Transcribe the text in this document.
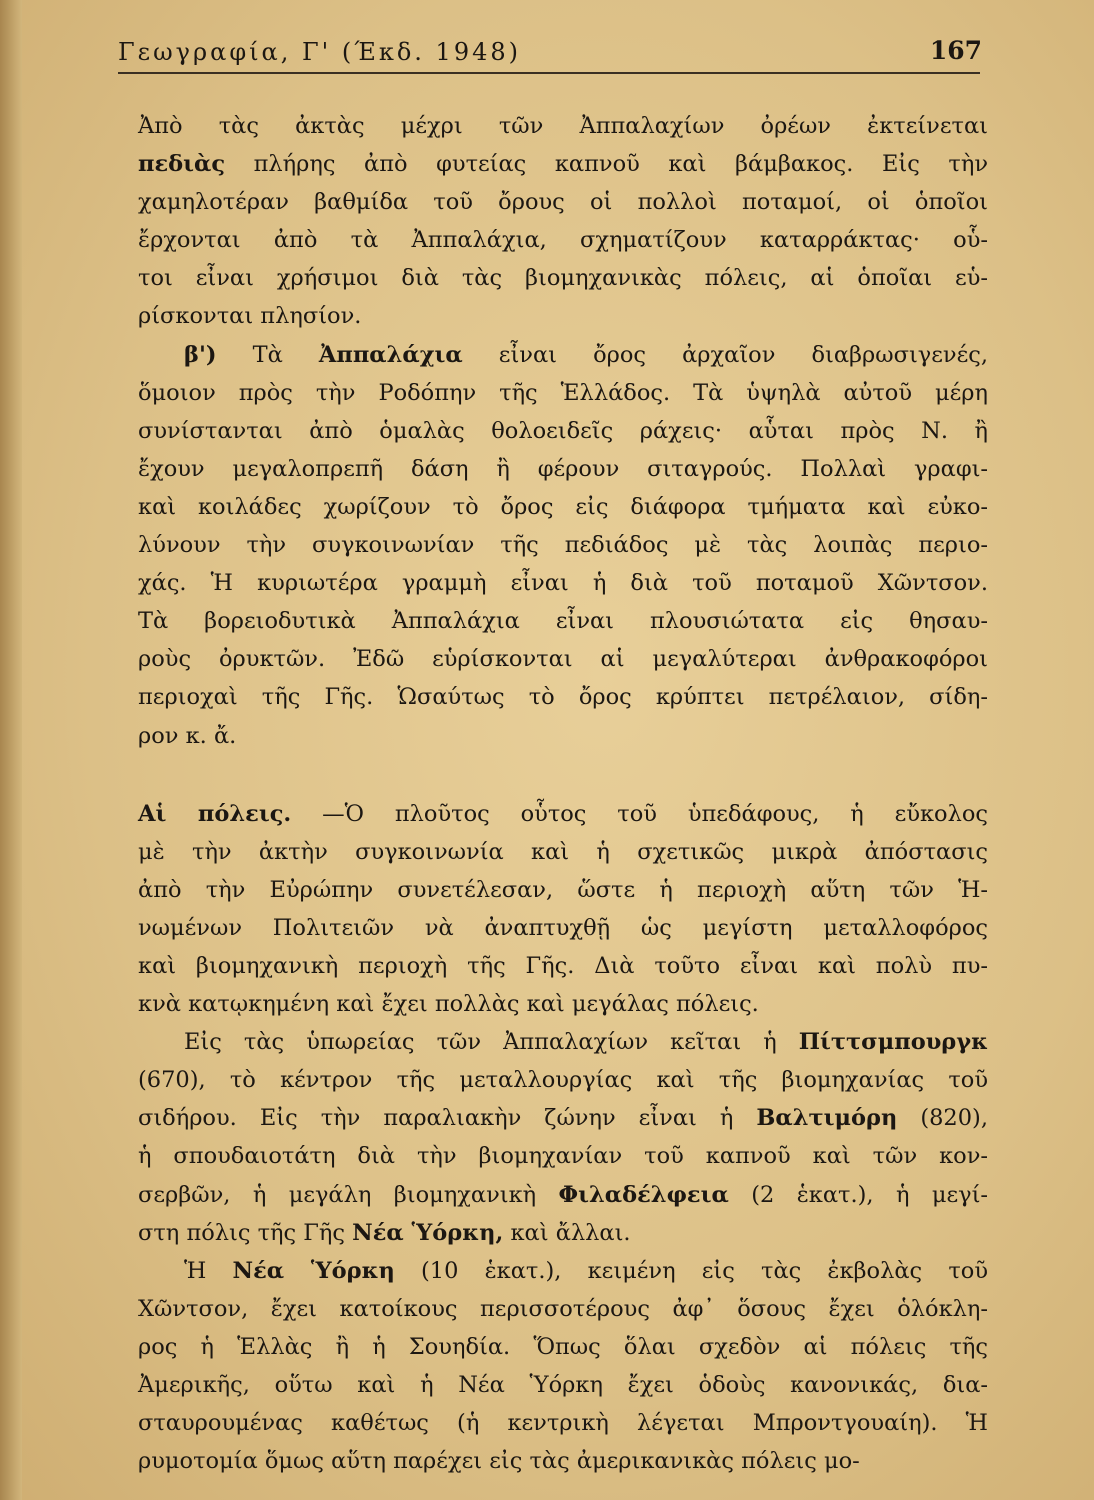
Γεωγραφία, Γ' (Έκδ. 1948)	167
Ἀπὸ τὰς ἀκτὰς μέχρι τῶν Ἀππαλαχίων ὀρέων ἐκτείνεται
πεδιὰς πλήρης ἀπὸ φυτείας καπνοῦ καὶ βάμβακος. Εἰς τὴν
χαμηλοτέραν βαθμίδα τοῦ ὄρους οἱ πολλοὶ ποταμοί, οἱ ὁποῖοι
ἔρχονται ἀπὸ τὰ Ἀππαλάχια, σχηματίζουν καταρράκτας· οὗ-
τοι εἶναι χρήσιμοι διὰ τὰς βιομηχανικὰς πόλεις, αἱ ὁποῖαι εὑ-
ρίσκονται πλησίον.
β') Τὰ Ἀππαλάχια εἶναι ὄρος ἀρχαῖον διαβρωσιγενές,
ὅμοιον πρὸς τὴν Ροδόπην τῆς Ἑλλάδος. Τὰ ὑψηλὰ αὐτοῦ μέρη
συνίστανται ἀπὸ ὁμαλὰς θολοειδεῖς ράχεις· αὗται πρὸς Ν. ἢ
ἔχουν μεγαλοπρεπῆ δάση ἢ φέρουν σιταγρούς. Πολλαὶ γραφι-
καὶ κοιλάδες χωρίζουν τὸ ὄρος εἰς διάφορα τμήματα καὶ εὐκο-
λύνουν τὴν συγκοινωνίαν τῆς πεδιάδος μὲ τὰς λοιπὰς περιο-
χάς. Ἡ κυριωτέρα γραμμὴ εἶναι ἡ διὰ τοῦ ποταμοῦ Χῶντσον.
Τὰ βορειοδυτικὰ Ἀππαλάχια εἶναι πλουσιώτατα εἰς θησαυ-
ροὺς ὀρυκτῶν. Ἐδῶ εὑρίσκονται αἱ μεγαλύτεραι ἀνθρακοφόροι
περιοχαὶ τῆς Γῆς. Ὡσαύτως τὸ ὄρος κρύπτει πετρέλαιον, σίδη-
ρον κ. ἄ.
Αἱ πόλεις. —Ὁ πλοῦτος οὗτος τοῦ ὑπεδάφους, ἡ εὔκολος
μὲ τὴν ἀκτὴν συγκοινωνία καὶ ἡ σχετικῶς μικρὰ ἀπόστασις
ἀπὸ τὴν Εὐρώπην συνετέλεσαν, ὥστε ἡ περιοχὴ αὕτη τῶν Ἡ-
νωμένων Πολιτειῶν νὰ ἀναπτυχθῇ ὡς μεγίστη μεταλλοφόρος
καὶ βιομηχανικὴ περιοχὴ τῆς Γῆς. Διὰ τοῦτο εἶναι καὶ πολὺ πυ-
κνὰ κατῳκημένη καὶ ἔχει πολλὰς καὶ μεγάλας πόλεις.
Εἰς τὰς ὑπωρείας τῶν Ἀππαλαχίων κεῖται ἡ Πίττσμπουργκ
(670), τὸ κέντρον τῆς μεταλλουργίας καὶ τῆς βιομηχανίας τοῦ
σιδήρου. Εἰς τὴν παραλιακὴν ζώνην εἶναι ἡ Βαλτιμόρη (820),
ἡ σπουδαιοτάτη διὰ τὴν βιομηχανίαν τοῦ καπνοῦ καὶ τῶν κον-
σερβῶν, ἡ μεγάλη βιομηχανικὴ Φιλαδέλφεια (2 ἑκατ.), ἡ μεγί-
στη πόλις τῆς Γῆς Νέα Ὑόρκη, καὶ ἄλλαι.
Ἡ Νέα Ὑόρκη (10 ἑκατ.), κειμένη εἰς τὰς ἐκβολὰς τοῦ
Χῶντσον, ἔχει κατοίκους περισσοτέρους ἀφ᾽ ὅσους ἔχει ὁλόκλη-
ρος ἡ Ἑλλὰς ἢ ἡ Σουηδία. Ὅπως ὅλαι σχεδὸν αἱ πόλεις τῆς
Ἀμερικῆς, οὕτω καὶ ἡ Νέα Ὑόρκη ἔχει ὁδοὺς κανονικάς, δια-
σταυρουμένας καθέτως (ἡ κεντρικὴ λέγεται Μπροντγουαίη). Ἡ
ρυμοτομία ὅμως αὕτη παρέχει εἰς τὰς ἀμερικανικὰς πόλεις μο-
